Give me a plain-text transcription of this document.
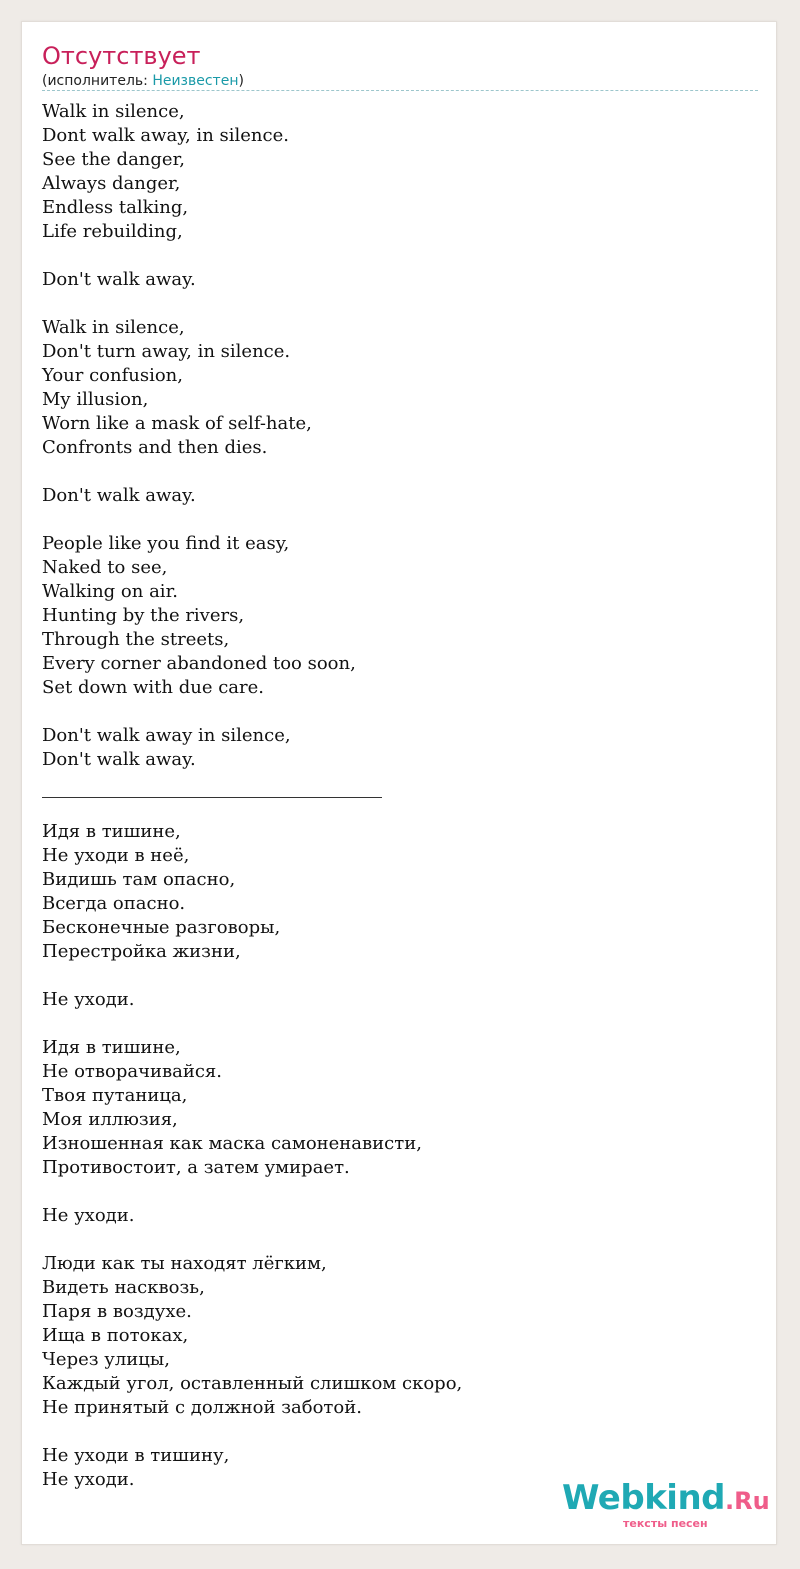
Отсутствует
(исполнитель: Неизвестен)
Walk in silence,
Dont walk away, in silence.
See the danger,
Always danger,
Endless talking,
Life rebuilding,
Don't walk away.
Walk in silence,
Don't turn away, in silence.
Your confusion,
My illusion,
Worn like a mask of self-hate,
Confronts and then dies.
Don't walk away.
People like you find it easy,
Naked to see,
Walking on air.
Hunting by the rivers,
Through the streets,
Every corner abandoned too soon,
Set down with due care.
Don't walk away in silence,
Don't walk away.
Идя в тишине,
Не уходи в неё,
Видишь там опасно,
Всегда опасно.
Бесконечные разговоры,
Перестройка жизни,
Не уходи.
Идя в тишине,
Не отворачивайся.
Твоя путаница,
Моя иллюзия,
Изношенная как маска самоненависти,
Противостоит, а затем умирает.
Не уходи.
Люди как ты находят лёгким,
Видеть насквозь,
Паря в воздухе.
Ища в потоках,
Через улицы,
Каждый угол, оставленный слишком скоро,
Не принятый с должной заботой.
Не уходи в тишину,
Не уходи.	Webkind.Ru
тексты песен
